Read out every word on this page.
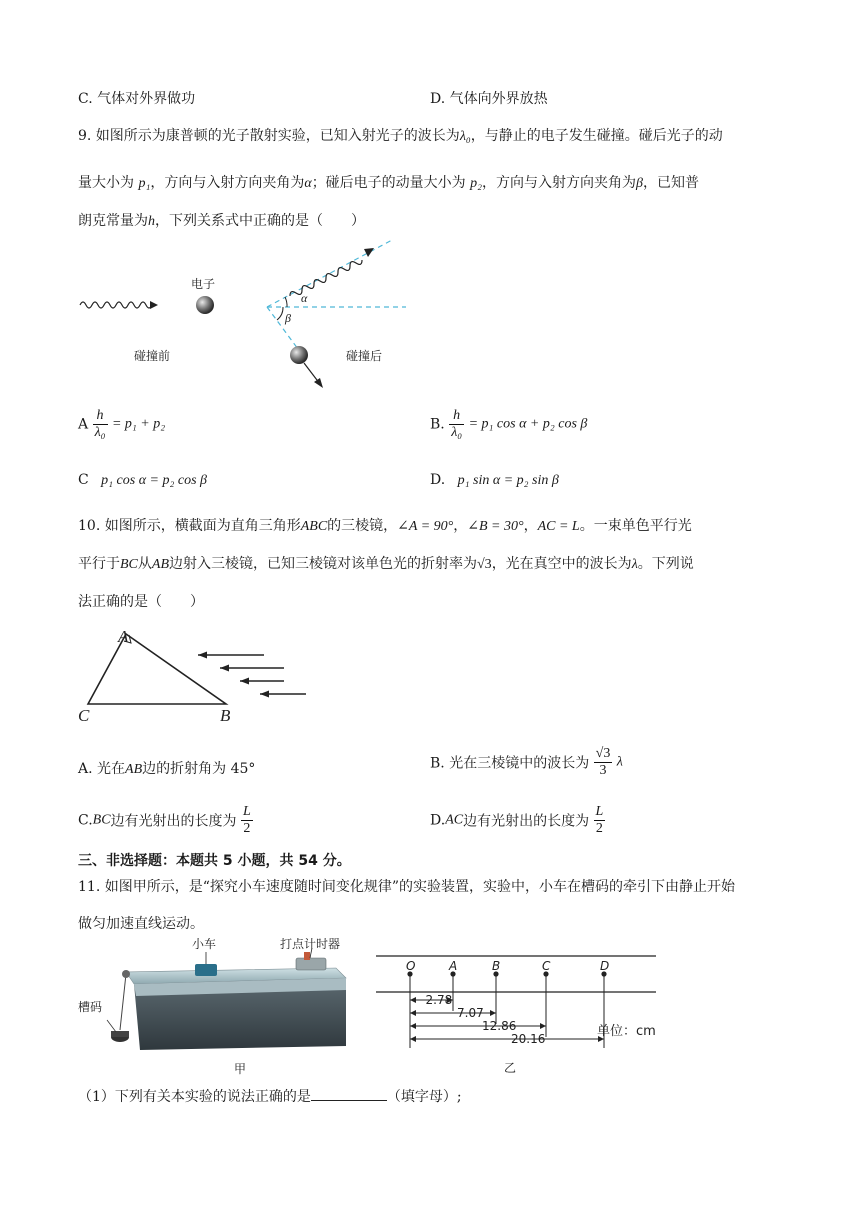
C. 气体对外界做功	D. 气体向外界放热
9. 如图所示为康普顿的光子散射实验，已知入射光子的波长为λ₀，与静止的电子发生碰撞。碰后光子的动
量大小为 p₁，方向与入射方向夹角为α；碰后电子的动量大小为 p₂，方向与入射方向夹角为β，已知普
朗克常量为h，下列关系式中正确的是（　　）
电子
碰撞前
α
β
碰撞后
A $\frac{h}{\text{λ₀}} = p_1 + p_2$	B. $\frac{h}{\text{λ₀}} = p_1$ cos α + p₂ cos β
C p₁ cos α = p₂ cos β	D. p₁ sin α = p₂ sin β
10. 如图所示，横截面为直角三角形ABC的三棱镜，∠A = 90°，∠B = 30°，AC = L。一束单色平行光
平行于BC从AB边射入三棱镜，已知三棱镜对该单色光的折射率为√3，光在真空中的波长为λ。下列说
法正确的是（　　）
A
C	B
A. 光在AB边的折射角为 45°	B. 光在三棱镜中的波长为 $\frac{√3}{3}$ λ
C.BC边有光射出的长度为 $\frac{L}{2}$	D.AC边有光射出的长度为 $\frac{L}{2}$
三、非选择题：本题共 5 小题，共 54 分。
11. 如图甲所示，是“探究小车速度随时间变化规律”的实验装置，实验中，小车在槽码的牵引下由静止开始
做匀加速直线运动。
小车	打点计时器
槽码
甲
O	A	B	C	D
2.78
7.07
12.86
20.16	单位：cm
乙
（1）下列有关本实验的说法正确的是	（填字母）;
